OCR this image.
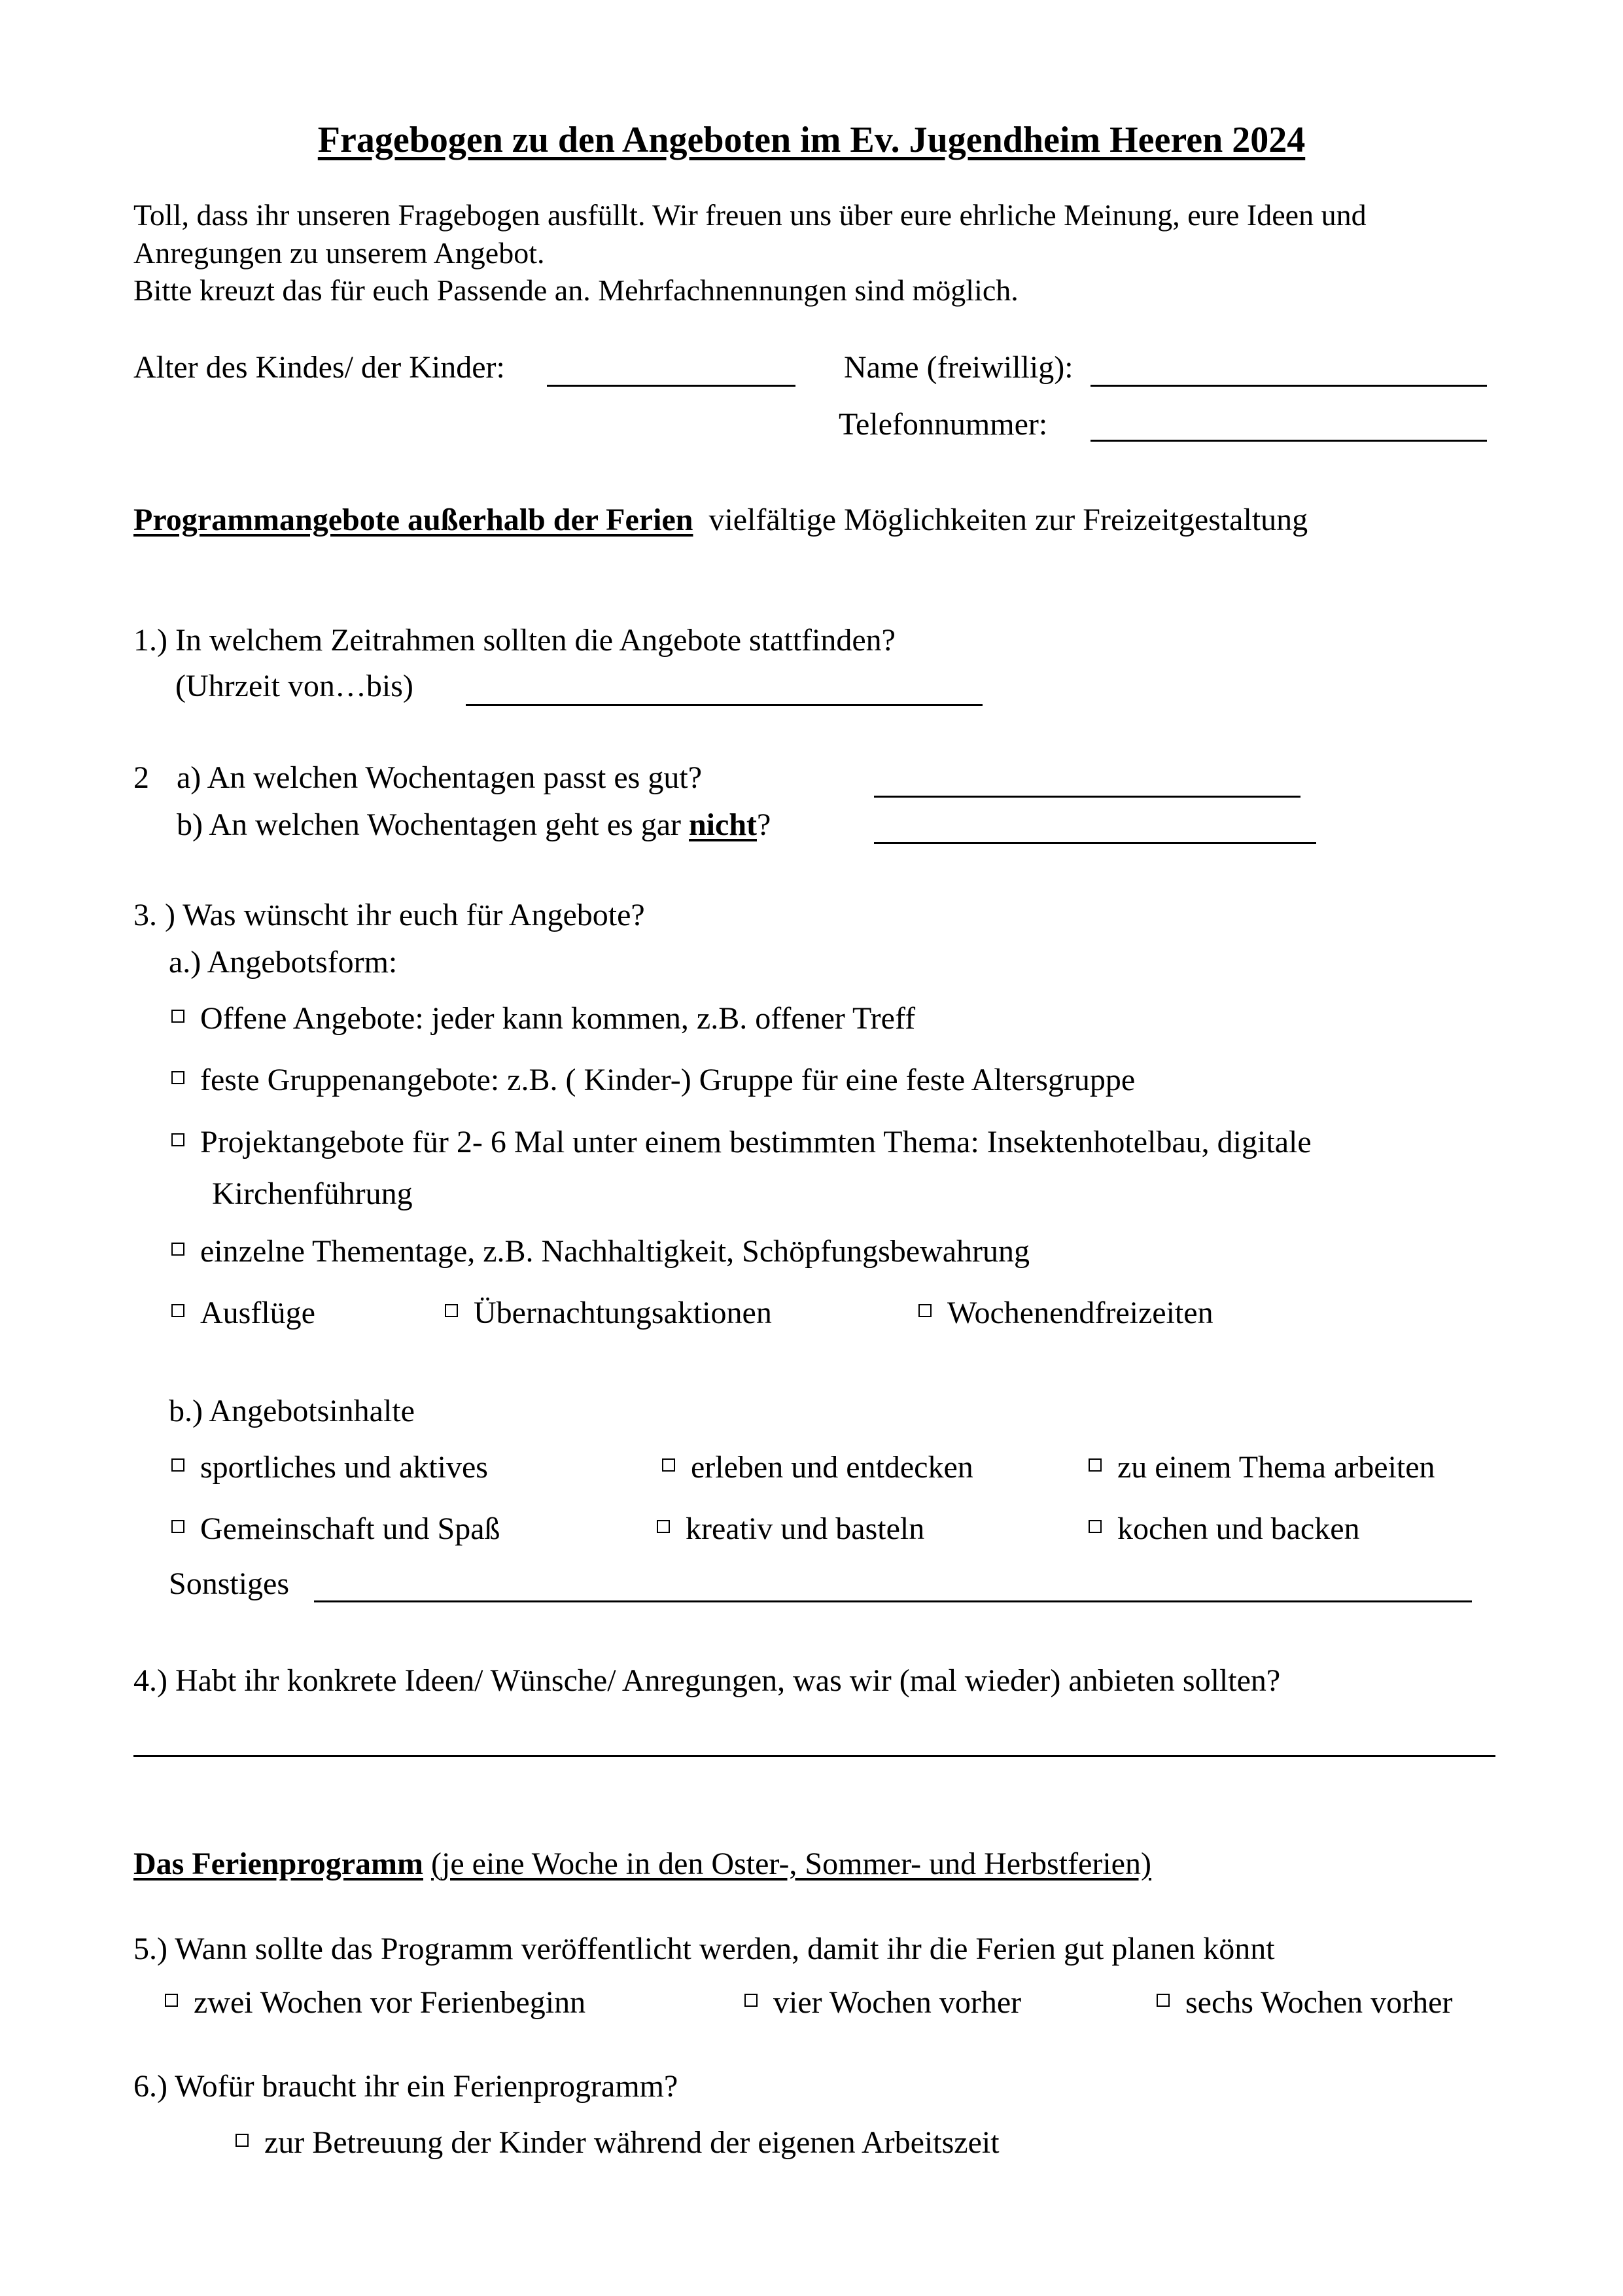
Fragebogen zu den Angeboten im Ev. Jugendheim Heeren 2024
Toll, dass ihr unseren Fragebogen ausfüllt. Wir freuen uns über eure ehrliche Meinung, eure Ideen und
Anregungen zu unserem Angebot.
Bitte kreuzt das für euch Passende an. Mehrfachnennungen sind möglich.
Alter des Kindes/ der Kinder:	Name (freiwillig):
Telefonnummer:
Programmangebote außerhalb der Ferien vielfältige Möglichkeiten zur Freizeitgestaltung
1.) In welchem Zeitrahmen sollten die Angebote stattfinden?
(Uhrzeit von…bis)
2 a) An welchen Wochentagen passt es gut?
b) An welchen Wochentagen geht es gar nicht?
3. ) Was wünscht ihr euch für Angebote?
a.) Angebotsform:
Offene Angebote: jeder kann kommen, z.B. offener Treff
feste Gruppenangebote: z.B. ( Kinder-) Gruppe für eine feste Altersgruppe
Projektangebote für 2- 6 Mal unter einem bestimmten Thema: Insektenhotelbau, digitale
Kirchenführung
einzelne Thementage, z.B. Nachhaltigkeit, Schöpfungsbewahrung
Ausflüge	Übernachtungsaktionen	Wochenendfreizeiten
b.) Angebotsinhalte
sportliches und aktives	erleben und entdecken	zu einem Thema arbeiten
Gemeinschaft und Spaß	kreativ und basteln	kochen und backen
Sonstiges
4.) Habt ihr konkrete Ideen/ Wünsche/ Anregungen, was wir (mal wieder) anbieten sollten?
Das Ferienprogramm (je eine Woche in den Oster-, Sommer- und Herbstferien)
5.) Wann sollte das Programm veröffentlicht werden, damit ihr die Ferien gut planen könnt
zwei Wochen vor Ferienbeginn	vier Wochen vorher	sechs Wochen vorher
6.) Wofür braucht ihr ein Ferienprogramm?
zur Betreuung der Kinder während der eigenen Arbeitszeit
